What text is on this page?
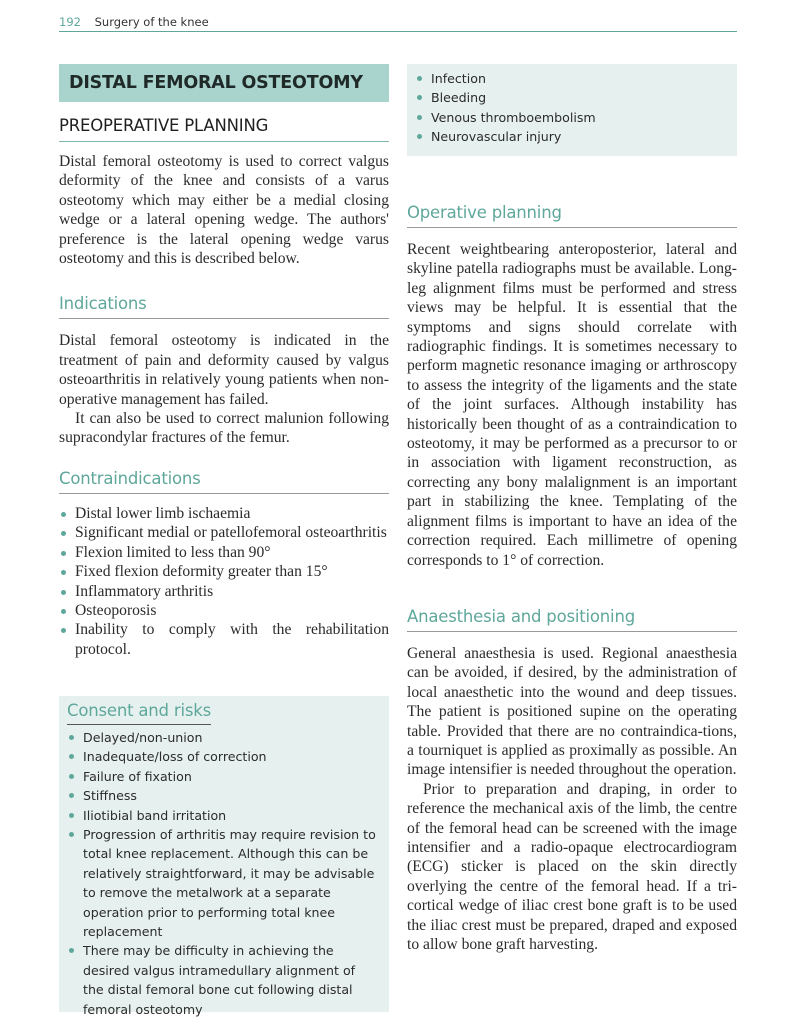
192 Surgery of the knee
DISTAL FEMORAL OSTEOTOMY
PREOPERATIVE PLANNING

Distal femoral osteotomy is used to correct valgus deformity of the knee and consists of a varus osteotomy which may either be a medial closing wedge or a lateral opening wedge. The authors' preference is the lateral opening wedge varus osteotomy and this is described below.

Indications

Distal femoral osteotomy is indicated in the treatment of pain and deformity caused by valgus osteoarthritis in relatively young patients when non-operative management has failed.

It can also be used to correct malunion following supracondylar fractures of the femur.

Contraindications
Distal lower limb ischaemia
Significant medial or patellofemoral osteoarthritis
Flexion limited to less than 90°
Fixed flexion deformity greater than 15°
Inflammatory arthritis
Osteoporosis
Inability to comply with the rehabilitation protocol.
Consent and risks
Delayed/non-union
Inadequate/loss of correction
Failure of fixation
Stiffness
Iliotibial band irritation
Progression of arthritis may require revision to total knee replacement. Although this can be relatively straightforward, it may be advisable to remove the metalwork at a separate operation prior to performing total knee replacement
There may be difficulty in achieving the desired valgus intramedullary alignment of the distal femoral bone cut following distal femoral osteotomy
Infection
Bleeding
Venous thromboembolism
Neurovascular injury
Operative planning

Recent weightbearing anteroposterior, lateral and skyline patella radiographs must be available. Long-leg alignment films must be performed and stress views may be helpful. It is essential that the symptoms and signs should correlate with radiographic findings. It is sometimes necessary to perform magnetic resonance imaging or arthroscopy to assess the integrity of the ligaments and the state of the joint surfaces. Although instability has historically been thought of as a contraindication to osteotomy, it may be performed as a precursor to or in association with ligament reconstruction, as correcting any bony malalignment is an important part in stabilizing the knee. Templating of the alignment films is important to have an idea of the correction required. Each millimetre of opening corresponds to 1° of correction.

Anaesthesia and positioning

General anaesthesia is used. Regional anaesthesia can be avoided, if desired, by the administration of local anaesthetic into the wound and deep tissues. The patient is positioned supine on the operating table. Provided that there are no contraindica-tions, a tourniquet is applied as proximally as possible. An image intensifier is needed throughout the operation.

Prior to preparation and draping, in order to reference the mechanical axis of the limb, the centre of the femoral head can be screened with the image intensifier and a radio-opaque electrocardiogram (ECG) sticker is placed on the skin directly overlying the centre of the femoral head. If a tri-cortical wedge of iliac crest bone graft is to be used the iliac crest must be prepared, draped and exposed to allow bone graft harvesting.
